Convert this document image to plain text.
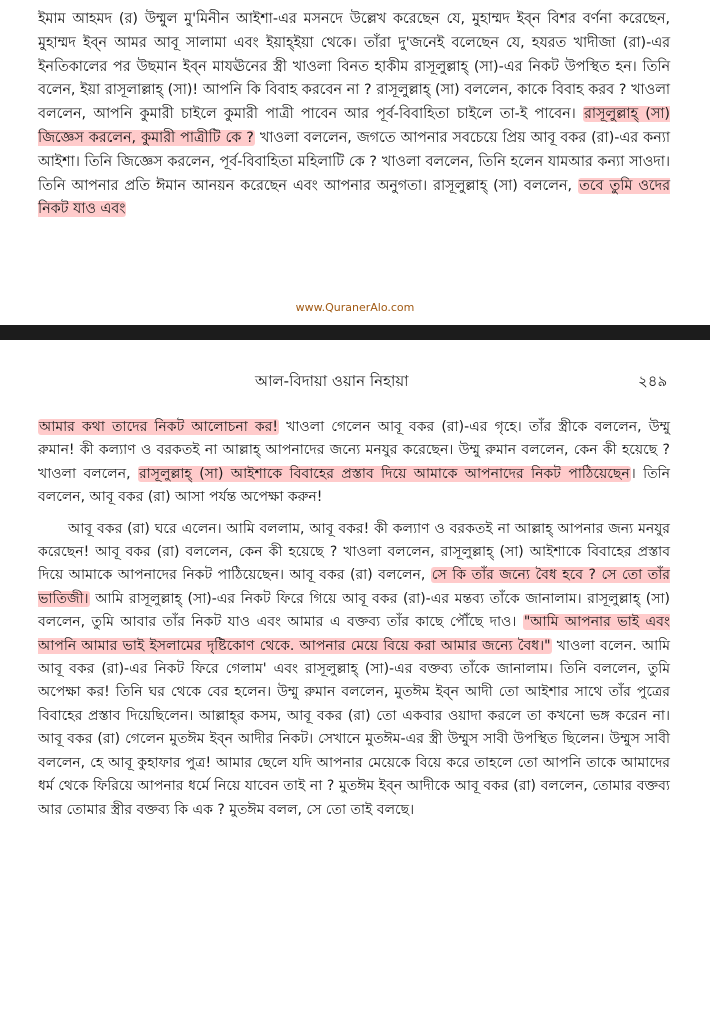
ইমাম আহমদ (র) উম্মুল মু'মিনীন আইশা-এর মসনদে উল্লেখ করেছেন যে, মুহাম্মদ ইব্‌ন বিশর বর্ণনা করেছেন, মুহাম্মদ ইব্‌ন আমর আবূ সালামা এবং ইয়াহ্‌ইয়া থেকে। তাঁরা দু'জনেই বলেছেন যে, হযরত খাদীজা (রা)-এর ইনতিকালের পর উছমান ইব্‌ন মাযঊনের স্ত্রী খাওলা বিনত হাকীম রাসূলুল্লাহ্ (সা)-এর নিকট উপস্থিত হন। তিনি বলেন, ইয়া রাসূলাল্লাহ্ (সা)! আপনি কি বিবাহ করবেন না ? রাসূলুল্লাহ্ (সা) বললেন, কাকে বিবাহ করব ? খাওলা বললেন, আপনি কুমারী চাইলে কুমারী পাত্রী পাবেন আর পূর্ব-বিবাহিতা চাইলে তা-ই পাবেন। রাসূলুল্লাহ্ (সা) জিজ্ঞেস করলেন, কুমারী পাত্রীটি কে ? খাওলা বললেন, জগতে আপনার সবচেয়ে প্রিয় আবূ বকর (রা)-এর কন্যা আইশা। তিনি জিজ্ঞেস করলেন, পূর্ব-বিবাহিতা মহিলাটি কে ? খাওলা বললেন, তিনি হলেন যামআর কন্যা সাওদা। তিনি আপনার প্রতি ঈমান আনয়ন করেছেন এবং আপনার অনুগতা। রাসূলুল্লাহ্ (সা) বললেন, তবে তুমি ওদের নিকট যাও এবং

www.QuranerAlo.com

আমার কথা তাদের নিকট আলোচনা কর! খাওলা গেলেন আবূ বকর (রা)-এর গৃহে। তাঁর স্ত্রীকে বললেন, উম্মু রুমান! কী কল্যাণ ও বরকতই না আল্লাহ্ আপনাদের জন্যে মনযুর করেছেন। উম্মু রুমান বললেন, কেন কী হয়েছে ? খাওলা বললেন, রাসূলুল্লাহ্ (সা) আইশাকে বিবাহের প্রস্তাব দিয়ে আমাকে আপনাদের নিকট পাঠিয়েছেন। তিনি বললেন, আবূ বকর (রা) আসা পর্যন্ত অপেক্ষা করুন!

আবূ বকর (রা) ঘরে এলেন। আমি বললাম, আবূ বকর! কী কল্যাণ ও বরকতই না আল্লাহ্ আপনার জন্য মনযুর করেছেন! আবূ বকর (রা) বললেন, কেন কী হয়েছে ? খাওলা বললেন, রাসূলুল্লাহ্ (সা) আইশাকে বিবাহের প্রস্তাব দিয়ে আমাকে আপনাদের নিকট পাঠিয়েছেন। আবূ বকর (রা) বললেন, সে কি তাঁর জন্যে বৈধ হবে ? সে তো তাঁর ভাতিজী। আমি রাসূলুল্লাহ্ (সা)-এর নিকট ফিরে গিয়ে আবূ বকর (রা)-এর মন্তব্য তাঁকে জানালাম। রাসূলুল্লাহ্ (সা) বললেন, তুমি আবার তাঁর নিকট যাও এবং আমার এ বক্তব্য তাঁর কাছে পৌঁছে দাও। "আমি আপনার ভাই এবং আপনি আমার ভাই ইসলামের দৃষ্টিকোণ থেকে. আপনার মেয়ে বিয়ে করা আমার জন্যে বৈধ।" খাওলা বলেন. আমি আবূ বকর (রা)-এর নিকট ফিরে গেলাম' এবং রাসূলুল্লাহ্ (সা)-এর বক্তব্য তাঁকে জানালাম। তিনি বললেন, তুমি অপেক্ষা কর! তিনি ঘর থেকে বের হলেন। উম্মু রুমান বললেন, মুতঈম ইব্‌ন আদী তো আইশার সাথে তাঁর পুত্রের বিবাহের প্রস্তাব দিয়েছিলেন। আল্লাহ্‌র কসম, আবূ বকর (রা) তো একবার ওয়াদা করলে তা কখনো ভঙ্গ করেন না। আবূ বকর (রা) গেলেন মুতঈম ইব্‌ন আদীর নিকট। সেখানে মুতঈম-এর স্ত্রী উম্মুস সাবী উপস্থিত ছিলেন। উম্মুস সাবী বললেন, হে আবূ কুহাফার পুত্র! আমার ছেলে যদি আপনার মেয়েকে বিয়ে করে তাহলে তো আপনি তাকে আমাদের ধর্ম থেকে ফিরিয়ে আপনার ধর্মে নিয়ে যাবেন তাই না ? মুতঈম ইব্‌ন আদীকে আবূ বকর (রা) বললেন, তোমার বক্তব্য আর তোমার স্ত্রীর বক্তব্য কি এক ? মুতঈম বলল, সে তো তাই বলছে।

আল-বিদায়া ওয়ান নিহায়া	২৪৯
